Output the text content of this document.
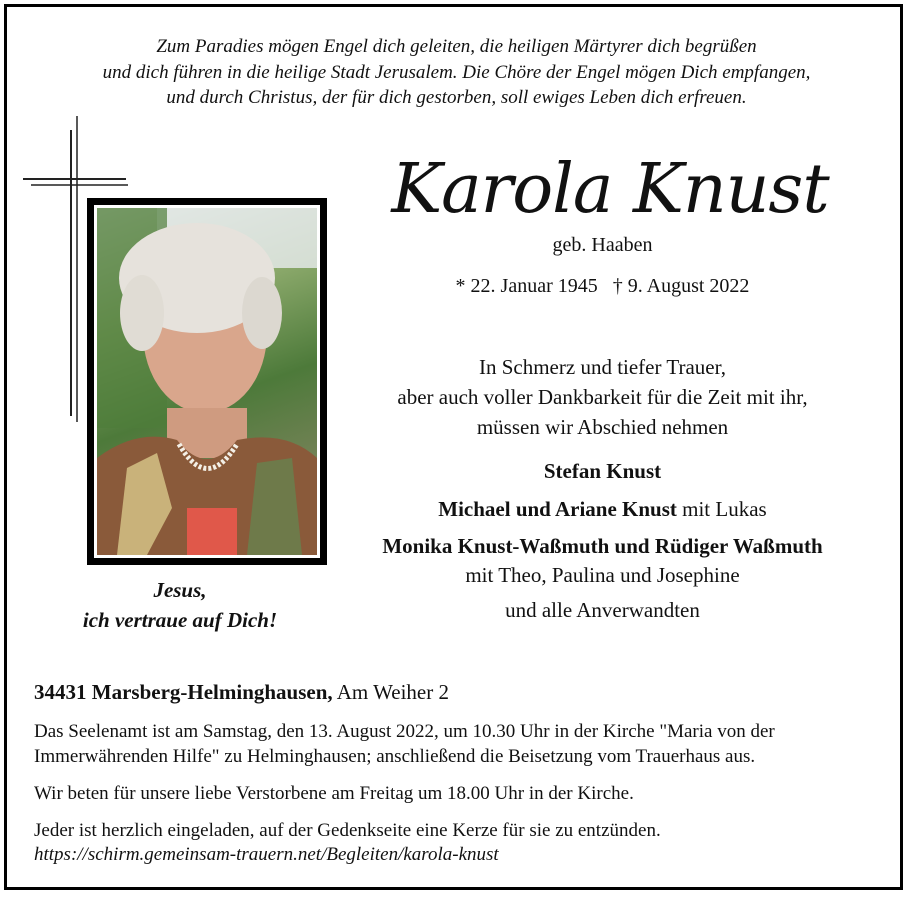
Zum Paradies mögen Engel dich geleiten, die heiligen Märtyrer dich begrüßen
und dich führen in die heilige Stadt Jerusalem. Die Chöre der Engel mögen Dich empfangen,
und durch Christus, der für dich gestorben, soll ewiges Leben dich erfreuen.
Jesus,
ich vertraue auf Dich!
Karola Knust
geb. Haaben
* 22. Januar 1945   † 9. August 2022
In Schmerz und tiefer Trauer,
aber auch voller Dankbarkeit für die Zeit mit ihr,
müssen wir Abschied nehmen
Stefan Knust
Michael und Ariane Knust mit Lukas
Monika Knust-Waßmuth und Rüdiger Waßmuth
mit Theo, Paulina und Josephine
und alle Anverwandten
34431 Marsberg-Helminghausen, Am Weiher 2
Das Seelenamt ist am Samstag, den 13. August 2022, um 10.30 Uhr in der Kirche "Maria von der Immerwährenden Hilfe" zu Helminghausen; anschließend die Beisetzung vom Trauerhaus aus.
Wir beten für unsere liebe Verstorbene am Freitag um 18.00 Uhr in der Kirche.
Jeder ist herzlich eingeladen, auf der Gedenkseite eine Kerze für sie zu entzünden.
https://schirm.gemeinsam-trauern.net/Begleiten/karola-knust
